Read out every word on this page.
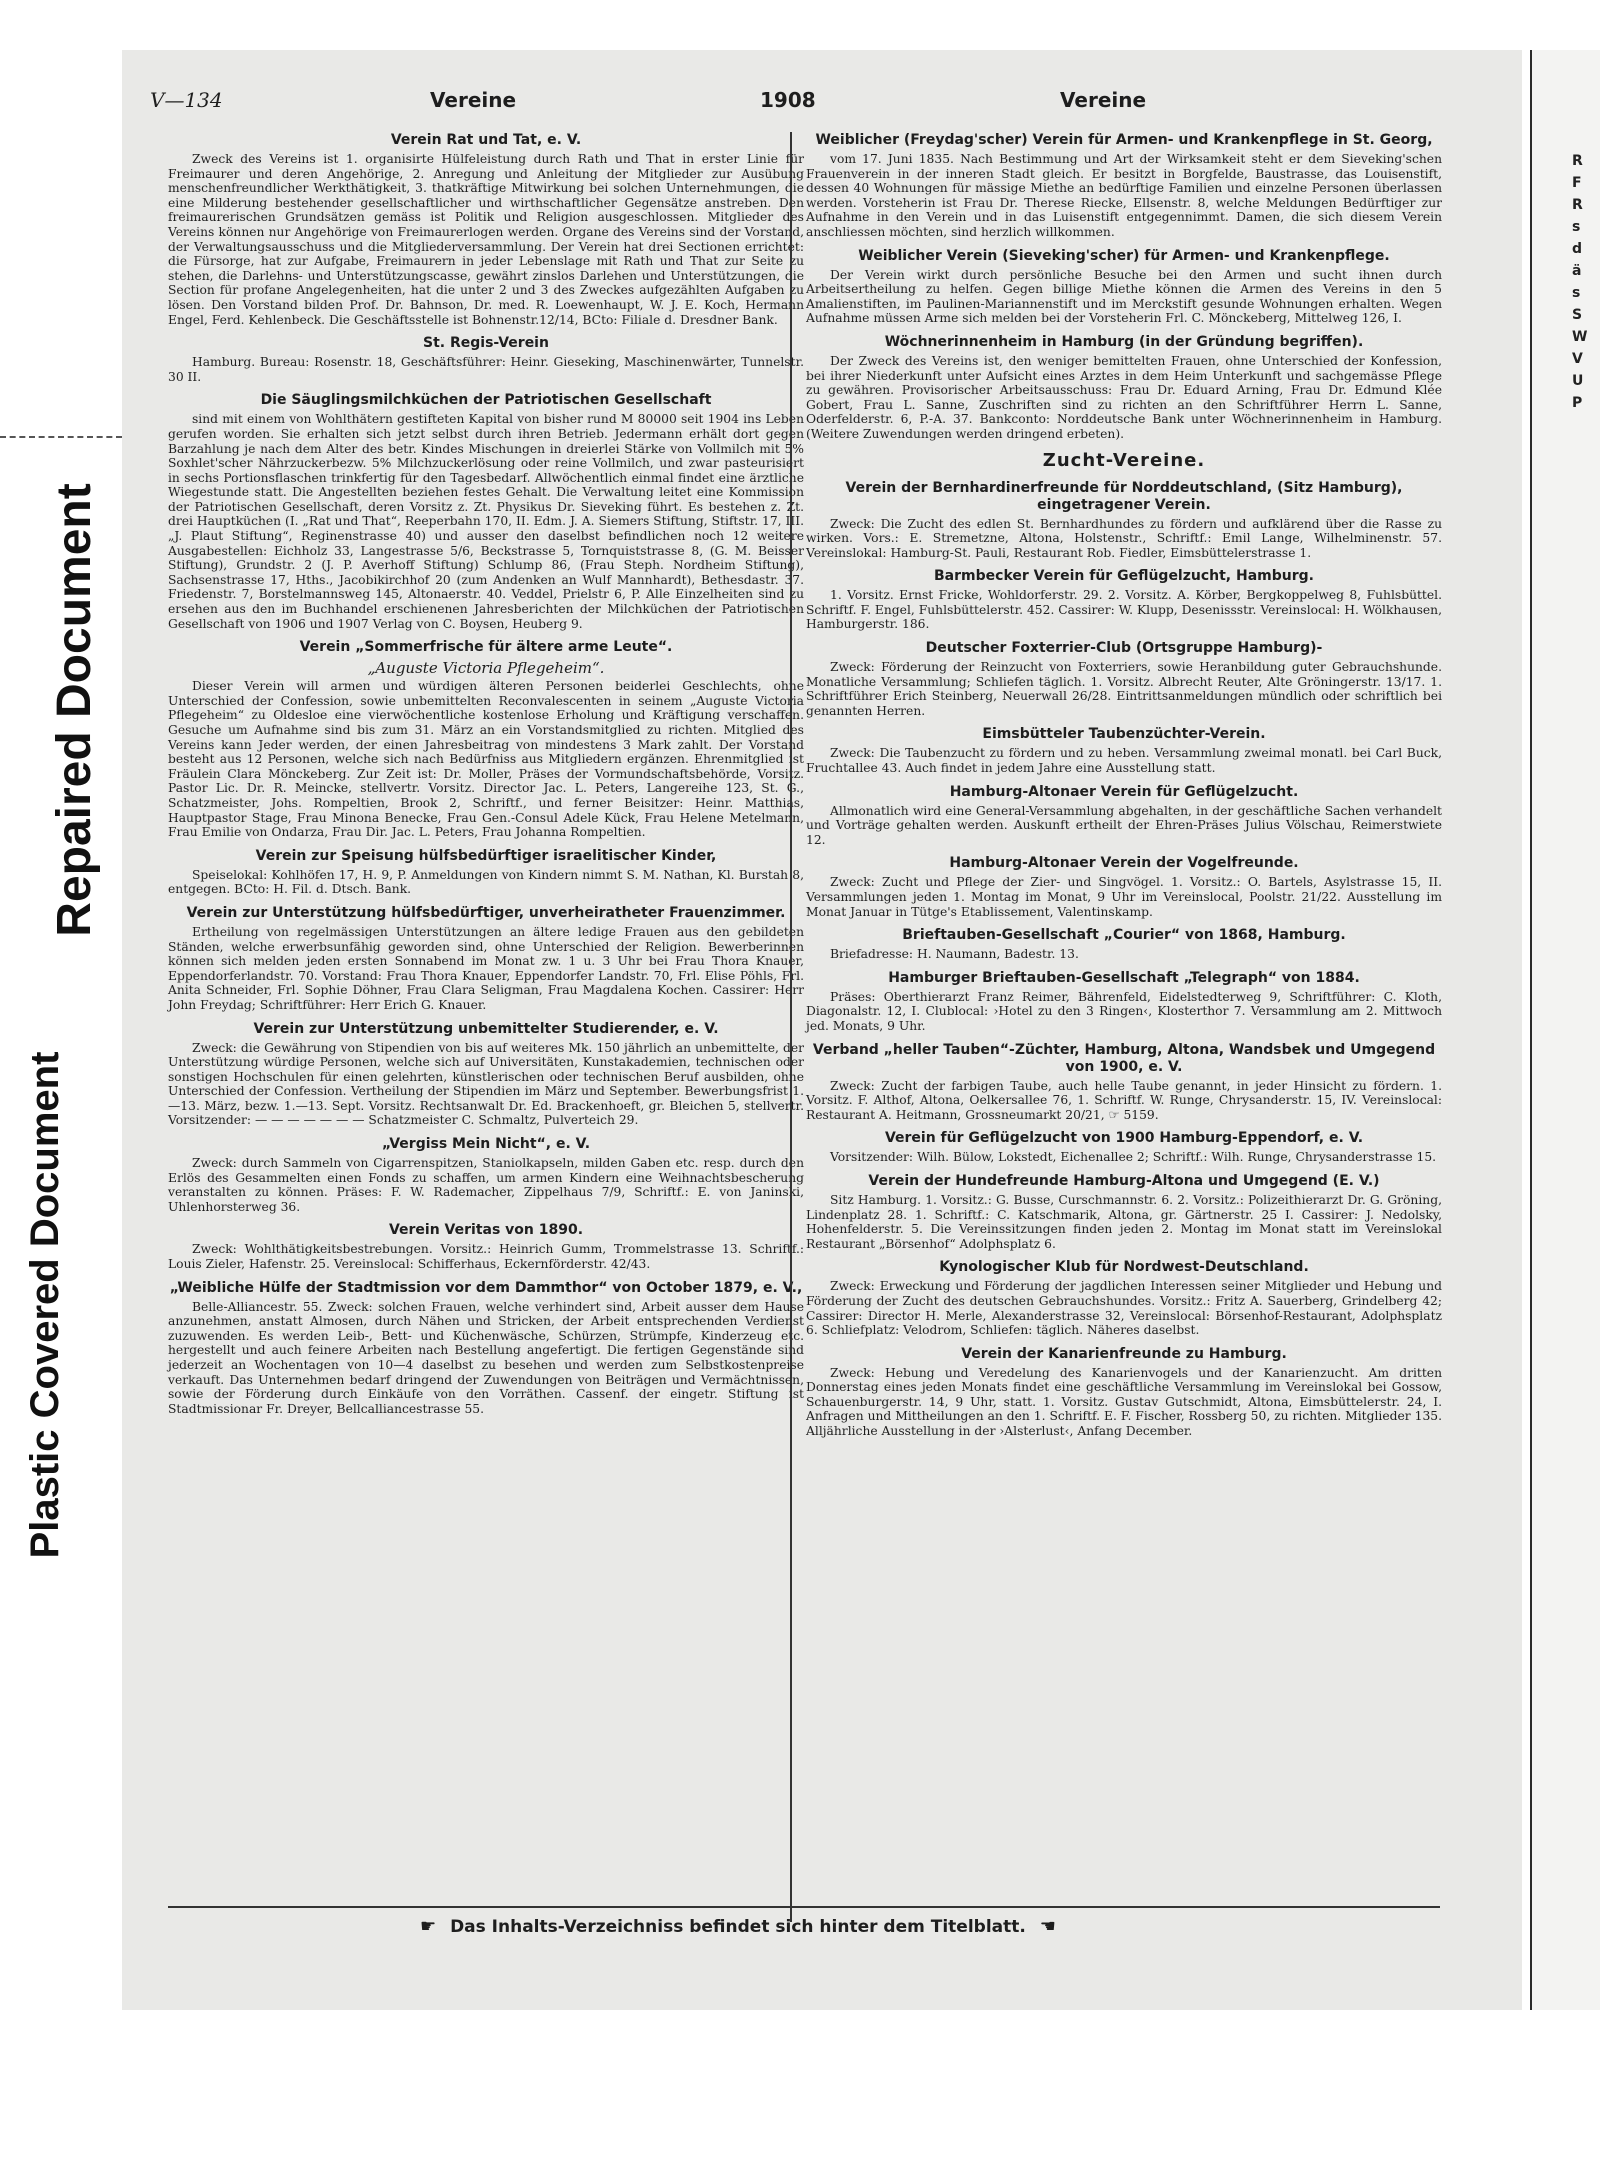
Repaired Document
Plastic Covered Document
R
F
R
s
d
ä
s
S
W
V
U
P
V—134	Vereine	1908	Vereine
Verein Rat und Tat, e. V.
Zweck des Vereins ist 1. organisirte Hülfeleistung durch Rath und That in erster Linie für Freimaurer und deren Angehörige, 2. Anregung und Anleitung der Mitglieder zur Ausübung menschenfreundlicher Werkthätigkeit, 3. thatkräftige Mitwirkung bei solchen Unternehmungen, die eine Milderung bestehender gesellschaftlicher und wirthschaftlicher Gegensätze anstreben. Den freimaurerischen Grundsätzen gemäss ist Politik und Religion ausgeschlossen. Mitglieder des Vereins können nur Angehörige von Freimaurerlogen werden. Organe des Vereins sind der Vorstand, der Verwaltungsausschuss und die Mitgliederversammlung. Der Verein hat drei Sectionen errichtet: die Fürsorge, hat zur Aufgabe, Freimaurern in jeder Lebenslage mit Rath und That zur Seite zu stehen, die Darlehns- und Unterstützungscasse, gewährt zinslos Darlehen und Unterstützungen, die Section für profane Angelegenheiten, hat die unter 2 und 3 des Zweckes aufgezählten Aufgaben zu lösen. Den Vorstand bilden Prof. Dr. Bahnson, Dr. med. R. Loewenhaupt, W. J. E. Koch, Hermann Engel, Ferd. Kehlenbeck. Die Geschäftsstelle ist Bohnenstr.12/14, BCto: Filiale d. Dresdner Bank.
St. Regis-Verein
Hamburg. Bureau: Rosenstr. 18, Geschäftsführer: Heinr. Gieseking, Maschinenwärter, Tunnelstr. 30 II.
Die Säuglingsmilchküchen der Patriotischen Gesellschaft
sind mit einem von Wohlthätern gestifteten Kapital von bisher rund M 80000 seit 1904 ins Leben gerufen worden. Sie erhalten sich jetzt selbst durch ihren Betrieb. Jedermann erhält dort gegen Barzahlung je nach dem Alter des betr. Kindes Mischungen in dreierlei Stärke von Vollmilch mit 5% Soxhlet'scher Nährzuckerbezw. 5% Milchzuckerlösung oder reine Vollmilch, und zwar pasteurisiert in sechs Portionsflaschen trinkfertig für den Tagesbedarf. Allwöchentlich einmal findet eine ärztliche Wiegestunde statt. Die Angestellten beziehen festes Gehalt. Die Verwaltung leitet eine Kommission der Patriotischen Gesellschaft, deren Vorsitz z. Zt. Physikus Dr. Sieveking führt. Es bestehen z. Zt. drei Hauptküchen (I. „Rat und That“, Reeperbahn 170, II. Edm. J. A. Siemers Stiftung, Stiftstr. 17, III. „J. Plaut Stiftung“, Reginenstrasse 40) und ausser den daselbst befindlichen noch 12 weitere Ausgabestellen: Eichholz 33, Langestrasse 5/6, Beckstrasse 5, Tornquiststrasse 8, (G. M. Beisser Stiftung), Grundstr. 2 (J. P. Averhoff Stiftung) Schlump 86, (Frau Steph. Nordheim Stiftung), Sachsenstrasse 17, Hths., Jacobikirchhof 20 (zum Andenken an Wulf Mannhardt), Bethesdastr. 37. Friedenstr. 7, Borstelmannsweg 145, Altonaerstr. 40. Veddel, Prielstr 6, P. Alle Einzelheiten sind zu ersehen aus den im Buchhandel erschienenen Jahresberichten der Milchküchen der Patriotischen Gesellschaft von 1906 und 1907 Verlag von C. Boysen, Heuberg 9.
Verein „Sommerfrische für ältere arme Leute“.
„Auguste Victoria Pflegeheim“.
Dieser Verein will armen und würdigen älteren Personen beiderlei Geschlechts, ohne Unterschied der Confession, sowie unbemittelten Reconvalescenten in seinem „Auguste Victoria Pflegeheim“ zu Oldesloe eine vierwöchentliche kostenlose Erholung und Kräftigung verschaffen. Gesuche um Aufnahme sind bis zum 31. März an ein Vorstandsmitglied zu richten. Mitglied des Vereins kann Jeder werden, der einen Jahresbeitrag von mindestens 3 Mark zahlt. Der Vorstand besteht aus 12 Personen, welche sich nach Bedürfniss aus Mitgliedern ergänzen. Ehrenmitglied ist Fräulein Clara Mönckeberg. Zur Zeit ist: Dr. Moller, Präses der Vormundschaftsbehörde, Vorsitz. Pastor Lic. Dr. R. Meincke, stellvertr. Vorsitz. Director Jac. L. Peters, Langereihe 123, St. G., Schatzmeister, Johs. Rompeltien, Brook 2, Schriftf., und ferner Beisitzer: Heinr. Matthias, Hauptpastor Stage, Frau Minona Benecke, Frau Gen.-Consul Adele Kück, Frau Helene Metelmann, Frau Emilie von Ondarza, Frau Dir. Jac. L. Peters, Frau Johanna Rompeltien.
Verein zur Speisung hülfsbedürftiger israelitischer Kinder,
Speiselokal: Kohlhöfen 17, H. 9, P. Anmeldungen von Kindern nimmt S. M. Nathan, Kl. Burstah 8, entgegen. BCto: H. Fil. d. Dtsch. Bank.
Verein zur Unterstützung hülfsbedürftiger, unverheiratheter Frauenzimmer.
Ertheilung von regelmässigen Unterstützungen an ältere ledige Frauen aus den gebildeten Ständen, welche erwerbsunfähig geworden sind, ohne Unterschied der Religion. Bewerberinnen können sich melden jeden ersten Sonnabend im Monat zw. 1 u. 3 Uhr bei Frau Thora Knauer, Eppendorferlandstr. 70. Vorstand: Frau Thora Knauer, Eppendorfer Landstr. 70, Frl. Elise Pöhls, Frl. Anita Schneider, Frl. Sophie Döhner, Frau Clara Seligman, Frau Magdalena Kochen. Cassirer: Herr John Freydag; Schriftführer: Herr Erich G. Knauer.
Verein zur Unterstützung unbemittelter Studierender, e. V.
Zweck: die Gewährung von Stipendien von bis auf weiteres Mk. 150 jährlich an unbemittelte, der Unterstützung würdige Personen, welche sich auf Universitäten, Kunstakademien, technischen oder sonstigen Hochschulen für einen gelehrten, künstlerischen oder technischen Beruf ausbilden, ohne Unterschied der Confession. Vertheilung der Stipendien im März und September. Bewerbungsfrist 1.—13. März, bezw. 1.—13. Sept. Vorsitz. Rechtsanwalt Dr. Ed. Brackenhoeft, gr. Bleichen 5, stellvertr. Vorsitzender: — — — — — — — Schatzmeister C. Schmaltz, Pulverteich 29.
„Vergiss Mein Nicht“, e. V.
Zweck: durch Sammeln von Cigarrenspitzen, Staniolkapseln, milden Gaben etc. resp. durch den Erlös des Gesammelten einen Fonds zu schaffen, um armen Kindern eine Weihnachtsbescherung veranstalten zu können. Präses: F. W. Rademacher, Zippelhaus 7/9, Schriftf.: E. von Janinski, Uhlenhorsterweg 36.
Verein Veritas von 1890.
Zweck: Wohlthätigkeitsbestrebungen. Vorsitz.: Heinrich Gumm, Trommelstrasse 13. Schriftf.: Louis Zieler, Hafenstr. 25. Vereinslocal: Schifferhaus, Eckernförderstr. 42/43.
„Weibliche Hülfe der Stadtmission vor dem Dammthor“ von October 1879, e. V.,
Belle-Alliancestr. 55. Zweck: solchen Frauen, welche verhindert sind, Arbeit ausser dem Hause anzunehmen, anstatt Almosen, durch Nähen und Stricken, der Arbeit entsprechenden Verdienst zuzuwenden. Es werden Leib-, Bett- und Küchenwäsche, Schürzen, Strümpfe, Kinderzeug etc. hergestellt und auch feinere Arbeiten nach Bestellung angefertigt. Die fertigen Gegenstände sind jederzeit an Wochentagen von 10—4 daselbst zu besehen und werden zum Selbstkostenpreise verkauft. Das Unternehmen bedarf dringend der Zuwendungen von Beiträgen und Vermächtnissen, sowie der Förderung durch Einkäufe von den Vorräthen. Cassenf. der eingetr. Stiftung ist Stadtmissionar Fr. Dreyer, Bellcalliancestrasse 55.
Weiblicher (Freydag'scher) Verein für Armen- und Krankenpflege in St. Georg,
vom 17. Juni 1835. Nach Bestimmung und Art der Wirksamkeit steht er dem Sieveking'schen Frauenverein in der inneren Stadt gleich. Er besitzt in Borgfelde, Baustrasse, das Louisenstift, dessen 40 Wohnungen für mässige Miethe an bedürftige Familien und einzelne Personen überlassen werden. Vorsteherin ist Frau Dr. Therese Riecke, Ellsenstr. 8, welche Meldungen Bedürftiger zur Aufnahme in den Verein und in das Luisenstift entgegennimmt. Damen, die sich diesem Verein anschliessen möchten, sind herzlich willkommen.
Weiblicher Verein (Sieveking'scher) für Armen- und Krankenpflege.
Der Verein wirkt durch persönliche Besuche bei den Armen und sucht ihnen durch Arbeitsertheilung zu helfen. Gegen billige Miethe können die Armen des Vereins in den 5 Amalienstiften, im Paulinen-Mariannenstift und im Merckstift gesunde Wohnungen erhalten. Wegen Aufnahme müssen Arme sich melden bei der Vorsteherin Frl. C. Mönckeberg, Mittelweg 126, I.
Wöchnerinnenheim in Hamburg (in der Gründung begriffen).
Der Zweck des Vereins ist, den weniger bemittelten Frauen, ohne Unterschied der Konfession, bei ihrer Niederkunft unter Aufsicht eines Arztes in dem Heim Unterkunft und sachgemässe Pflege zu gewähren. Provisorischer Arbeitsausschuss: Frau Dr. Eduard Arning, Frau Dr. Edmund Klée Gobert, Frau L. Sanne, Zuschriften sind zu richten an den Schriftführer Herrn L. Sanne, Oderfelderstr. 6, P.-A. 37. Bankconto: Norddeutsche Bank unter Wöchnerinnenheim in Hamburg. (Weitere Zuwendungen werden dringend erbeten).
Zucht-Vereine.
Verein der Bernhardinerfreunde für Norddeutschland, (Sitz Hamburg), eingetragener Verein.
Zweck: Die Zucht des edlen St. Bernhardhundes zu fördern und aufklärend über die Rasse zu wirken. Vors.: E. Stremetzne, Altona, Holstenstr., Schriftf.: Emil Lange, Wilhelminenstr. 57. Vereinslokal: Hamburg-St. Pauli, Restaurant Rob. Fiedler, Eimsbüttelerstrasse 1.
Barmbecker Verein für Geflügelzucht, Hamburg.
1. Vorsitz. Ernst Fricke, Wohldorferstr. 29. 2. Vorsitz. A. Körber, Bergkoppelweg 8, Fuhlsbüttel. Schriftf. F. Engel, Fuhlsbüttelerstr. 452. Cassirer: W. Klupp, Desenissstr. Vereinslocal: H. Wölkhausen, Hamburgerstr. 186.
Deutscher Foxterrier-Club (Ortsgruppe Hamburg)-
Zweck: Förderung der Reinzucht von Foxterriers, sowie Heranbildung guter Gebrauchshunde. Monatliche Versammlung; Schliefen täglich. 1. Vorsitz. Albrecht Reuter, Alte Gröningerstr. 13/17. 1. Schriftführer Erich Steinberg, Neuerwall 26/28. Eintrittsanmeldungen mündlich oder schriftlich bei genannten Herren.
Eimsbütteler Taubenzüchter-Verein.
Zweck: Die Taubenzucht zu fördern und zu heben. Versammlung zweimal monatl. bei Carl Buck, Fruchtallee 43. Auch findet in jedem Jahre eine Ausstellung statt.
Hamburg-Altonaer Verein für Geflügelzucht.
Allmonatlich wird eine General-Versammlung abgehalten, in der geschäftliche Sachen verhandelt und Vorträge gehalten werden. Auskunft ertheilt der Ehren-Präses Julius Völschau, Reimerstwiete 12.
Hamburg-Altonaer Verein der Vogelfreunde.
Zweck: Zucht und Pflege der Zier- und Singvögel. 1. Vorsitz.: O. Bartels, Asylstrasse 15, II. Versammlungen jeden 1. Montag im Monat, 9 Uhr im Vereinslocal, Poolstr. 21/22. Ausstellung im Monat Januar in Tütge's Etablissement, Valentinskamp.
Brieftauben-Gesellschaft „Courier“ von 1868, Hamburg.
Briefadresse: H. Naumann, Badestr. 13.
Hamburger Brieftauben-Gesellschaft „Telegraph“ von 1884.
Präses: Oberthierarzt Franz Reimer, Bährenfeld, Eidelstedterweg 9, Schriftführer: C. Kloth, Diagonalstr. 12, I. Clublocal: ›Hotel zu den 3 Ringen‹, Klosterthor 7. Versammlung am 2. Mittwoch jed. Monats, 9 Uhr.
Verband „heller Tauben“-Züchter, Hamburg, Altona, Wandsbek und Umgegend von 1900, e. V.
Zweck: Zucht der farbigen Taube, auch helle Taube genannt, in jeder Hinsicht zu fördern. 1. Vorsitz. F. Althof, Altona, Oelkersallee 76, 1. Schriftf. W. Runge, Chrysanderstr. 15, IV. Vereinslocal: Restaurant A. Heitmann, Grossneumarkt 20/21, ☞ 5159.
Verein für Geflügelzucht von 1900 Hamburg-Eppendorf, e. V.
Vorsitzender: Wilh. Bülow, Lokstedt, Eichenallee 2; Schriftf.: Wilh. Runge, Chrysanderstrasse 15.
Verein der Hundefreunde Hamburg-Altona und Umgegend (E. V.)
Sitz Hamburg. 1. Vorsitz.: G. Busse, Curschmannstr. 6. 2. Vorsitz.: Polizeithierarzt Dr. G. Gröning, Lindenplatz 28. 1. Schriftf.: C. Katschmarik, Altona, gr. Gärtnerstr. 25 I. Cassirer: J. Nedolsky, Hohenfelderstr. 5. Die Vereinssitzungen finden jeden 2. Montag im Monat statt im Vereinslokal Restaurant „Börsenhof“ Adolphsplatz 6.
Kynologischer Klub für Nordwest-Deutschland.
Zweck: Erweckung und Förderung der jagdlichen Interessen seiner Mitglieder und Hebung und Förderung der Zucht des deutschen Gebrauchshundes. Vorsitz.: Fritz A. Sauerberg, Grindelberg 42; Cassirer: Director H. Merle, Alexanderstrasse 32, Vereinslocal: Börsenhof-Restaurant, Adolphsplatz 6. Schliefplatz: Velodrom, Schliefen: täglich. Näheres daselbst.
Verein der Kanarienfreunde zu Hamburg.
Zweck: Hebung und Veredelung des Kanarienvogels und der Kanarienzucht. Am dritten Donnerstag eines jeden Monats findet eine geschäftliche Versammlung im Vereinslokal bei Gossow, Schauenburgerstr. 14, 9 Uhr, statt. 1. Vorsitz. Gustav Gutschmidt, Altona, Eimsbüttelerstr. 24, I. Anfragen und Mittheilungen an den 1. Schriftf. E. F. Fischer, Rossberg 50, zu richten. Mitglieder 135. Alljährliche Ausstellung in der ›Alsterlust‹, Anfang December.
☛ Das Inhalts-Verzeichniss befindet sich hinter dem Titelblatt. ☚
